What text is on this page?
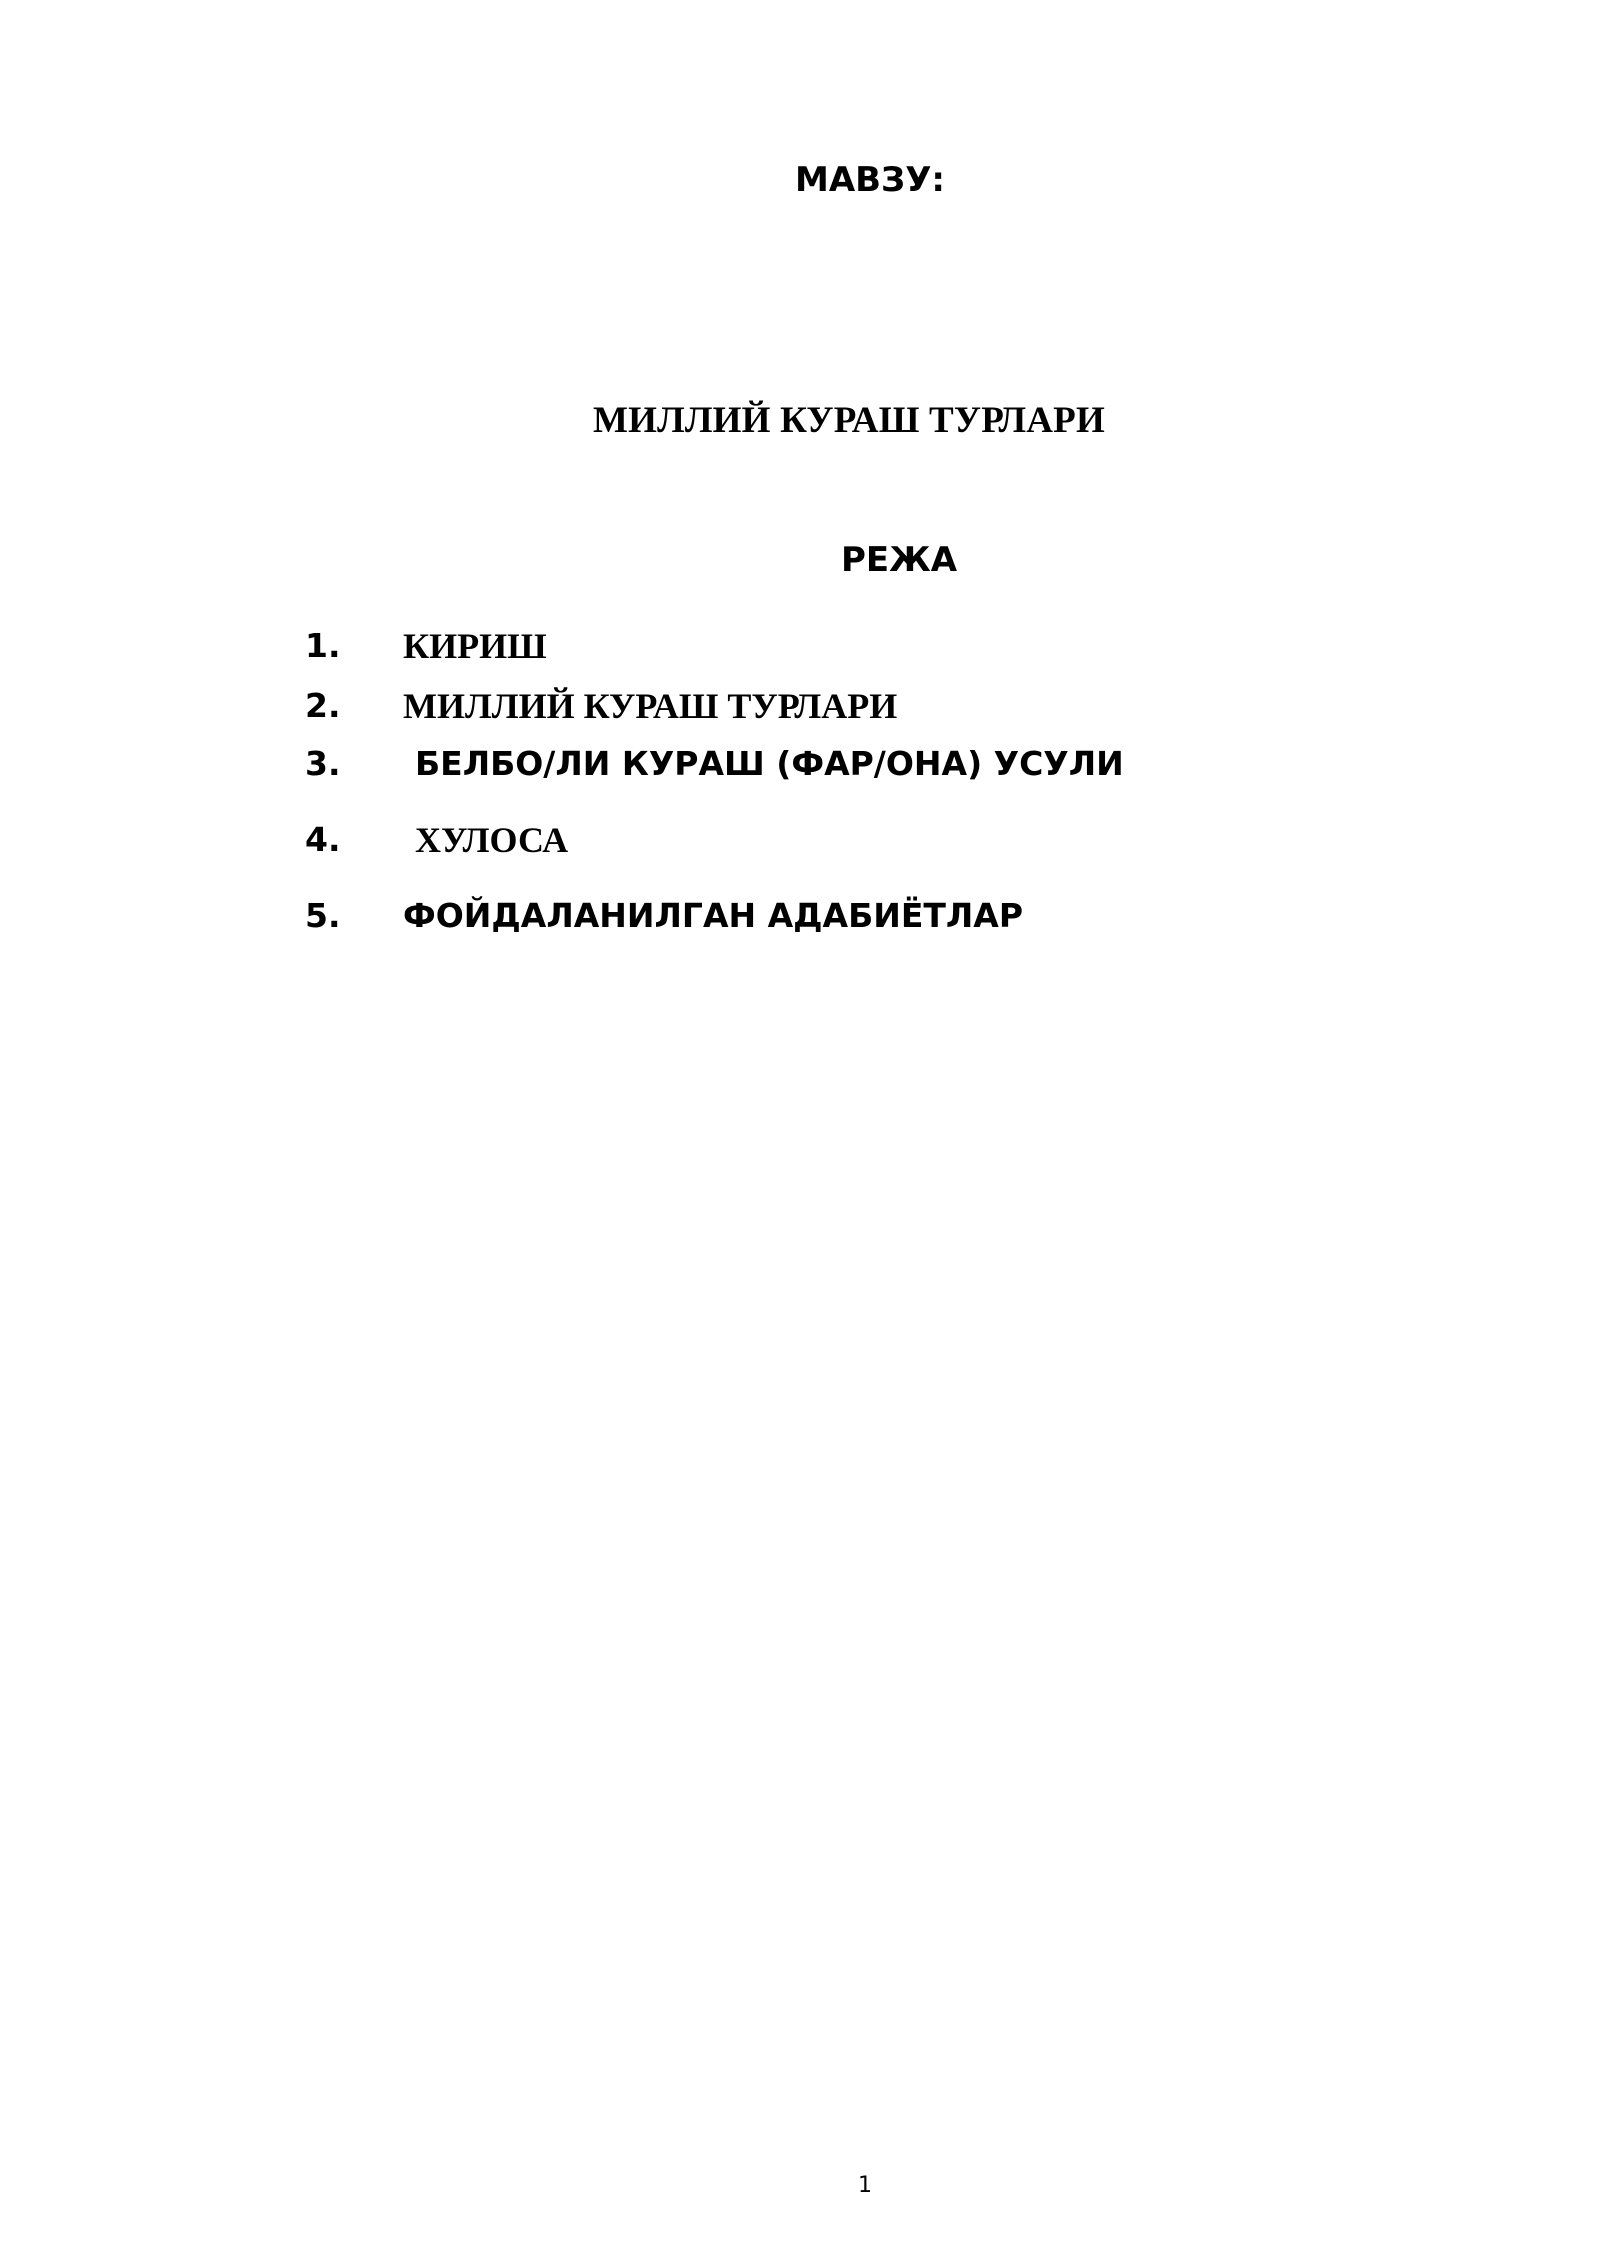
МАВЗУ:
МИЛЛИЙ КУРАШ ТУРЛАРИ
РЕЖА
1. КИРИШ
2. МИЛЛИЙ КУРАШ ТУРЛАРИ
3. БЕЛБО/ЛИ КУРАШ (ФАР/ОНА) УСУЛИ
4. ХУЛОСА
5. ФОЙДАЛАНИЛГАН АДАБИЁТЛАР
1
